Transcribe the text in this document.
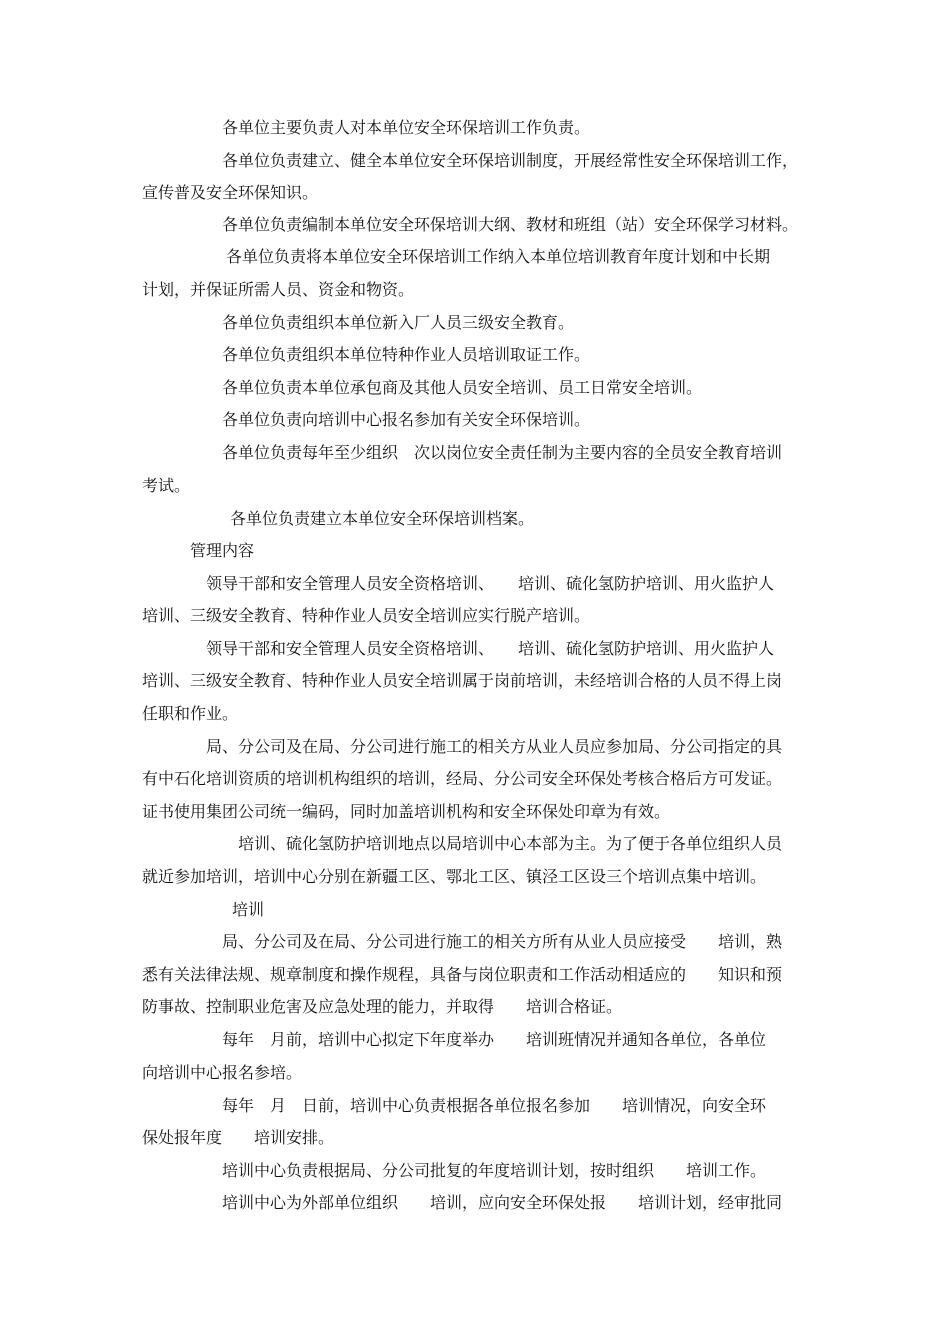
各单位主要负责人对本单位安全环保培训工作负责。
各单位负责建立、健全本单位安全环保培训制度，开展经常性安全环保培训工作，
宣传普及安全环保知识。
各单位负责编制本单位安全环保培训大纲、教材和班组（站）安全环保学习材料。
各单位负责将本单位安全环保培训工作纳入本单位培训教育年度计划和中长期
计划，并保证所需人员、资金和物资。
各单位负责组织本单位新入厂人员三级安全教育。
各单位负责组织本单位特种作业人员培训取证工作。
各单位负责本单位承包商及其他人员安全培训、员工日常安全培训。
各单位负责向培训中心报名参加有关安全环保培训。
各单位负责每年至少组织　次以岗位安全责任制为主要内容的全员安全教育培训
考试。
各单位负责建立本单位安全环保培训档案。
管理内容
领导干部和安全管理人员安全资格培训、　　培训、硫化氢防护培训、用火监护人
培训、三级安全教育、特种作业人员安全培训应实行脱产培训。
领导干部和安全管理人员安全资格培训、　　培训、硫化氢防护培训、用火监护人
培训、三级安全教育、特种作业人员安全培训属于岗前培训，未经培训合格的人员不得上岗
任职和作业。
局、分公司及在局、分公司进行施工的相关方从业人员应参加局、分公司指定的具
有中石化培训资质的培训机构组织的培训，经局、分公司安全环保处考核合格后方可发证。
证书使用集团公司统一编码，同时加盖培训机构和安全环保处印章为有效。
培训、硫化氢防护培训地点以局培训中心本部为主。为了便于各单位组织人员
就近参加培训，培训中心分别在新疆工区、鄂北工区、镇泾工区设三个培训点集中培训。
培训
局、分公司及在局、分公司进行施工的相关方所有从业人员应接受　　培训，熟
悉有关法律法规、规章制度和操作规程，具备与岗位职责和工作活动相适应的　　知识和预
防事故、控制职业危害及应急处理的能力，并取得　　培训合格证。
每年　月前，培训中心拟定下年度举办　　培训班情况并通知各单位，各单位
向培训中心报名参培。
每年　月　日前，培训中心负责根据各单位报名参加　　培训情况，向安全环
保处报年度　　培训安排。
培训中心负责根据局、分公司批复的年度培训计划，按时组织　　培训工作。
培训中心为外部单位组织　　培训，应向安全环保处报　　培训计划，经审批同
